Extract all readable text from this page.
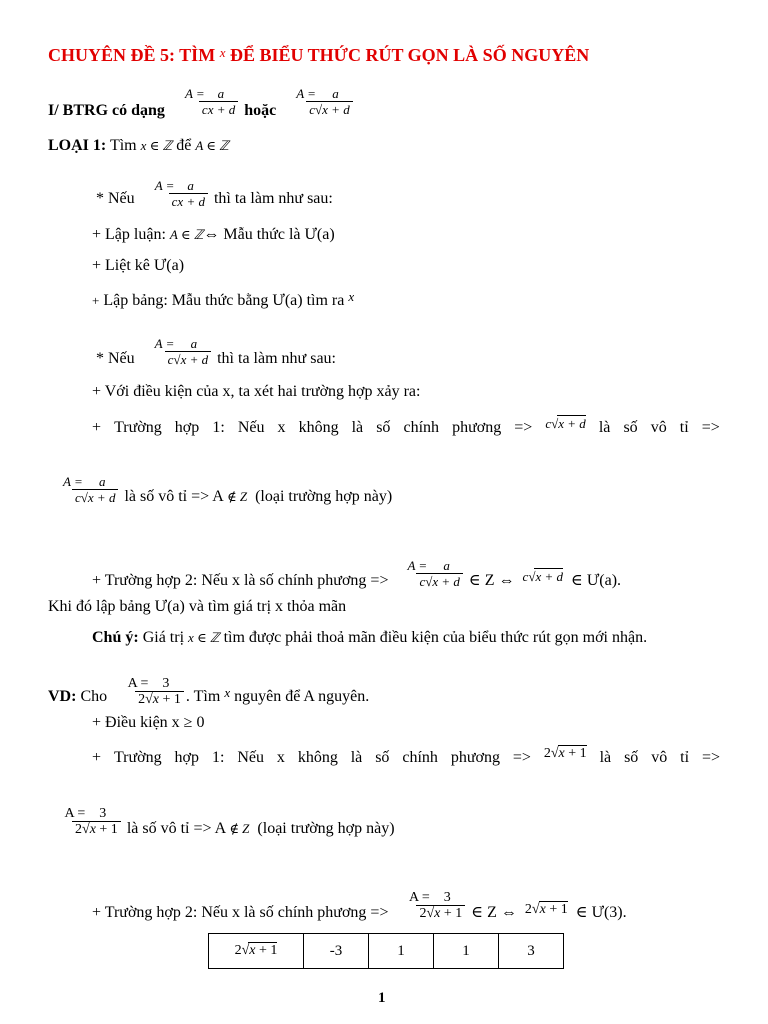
CHUYÊN ĐỀ 5: TÌM $^x$ ĐỂ BIỂU THỨC RÚT GỌN LÀ SỐ NGUYÊN
I/ BTRG có dạng $\frac{A = a}{cx + d}$ hoặc $\frac{A = a}{c√x + d}$
LOẠI 1: Tìm x ∈ ℤ để A ∈ ℤ
* Nếu $\frac{A = a}{cx + d}$ thì ta làm như sau:
+ Lập luận: A ∈ ℤ⇔ Mẫu thức là Ư(a)
+ Liệt kê Ư(a)
+ Lập bảng: Mẫu thức bằng Ư(a) tìm ra $^x$
* Nếu $\frac{A = a}{c√x + d}$ thì ta làm như sau:
+ Với điều kiện của x, ta xét hai trường hợp xảy ra:
+ Trường hợp 1: Nếu x không là số chính phương => c√x + d là số vô tỉ =>
$\frac{A = a}{c√x + d}$ là số vô tỉ => A ∉ Z (loại trường hợp này)
+ Trường hợp 2: Nếu x là số chính phương => $\frac{A = a}{c√x + d}$ ∈ Z ⇔ $^{c√x + d}$ ∈ Ư(a).
Khi đó lập bảng Ư(a) và tìm giá trị x thỏa mãn
Chú ý: Giá trị x ∈ ℤ tìm được phải thoả mãn điều kiện của biểu thức rút gọn mới nhận.
VD: Cho $\frac{A = 3}{2√x + 1}$ . Tìm $^x$ nguyên để A nguyên.
+ Điều kiện x ≥ 0
+ Trường hợp 1: Nếu x không là số chính phương => 2√x + 1 là số vô tỉ =>
$\frac{A = 3}{2√x + 1}$ là số vô tỉ => A ∉ Z (loại trường hợp này)
+ Trường hợp 2: Nếu x là số chính phương => $\frac{A = 3}{2√x + 1}$ ∈ Z ⇔ 2√x + 1 ∈ Ư(3).
2√x + 1	-3	1	1	3
1
